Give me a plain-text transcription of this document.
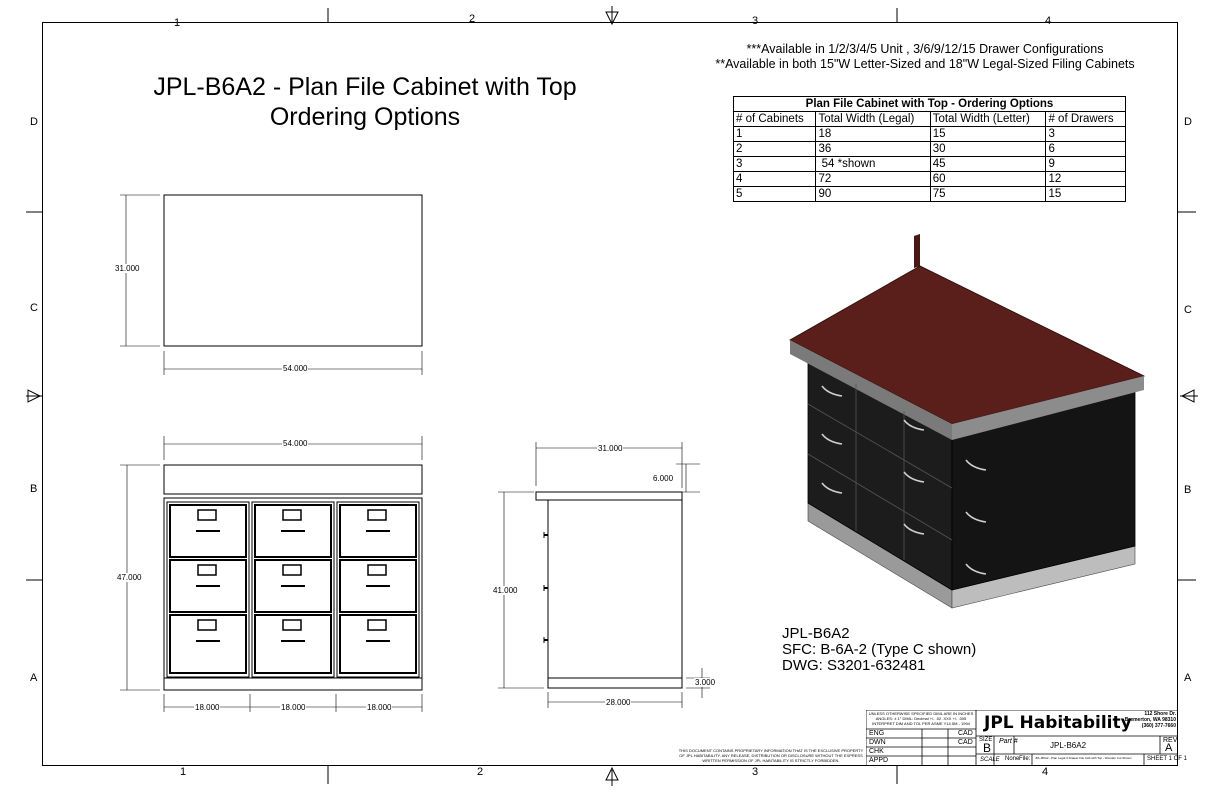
1	2	3	4
1	2	3	4
D
C
B
A
D
C
B
A
JPL-B6A2 - Plan File Cabinet with Top
Ordering Options
***Available in 1/2/3/4/5 Unit , 3/6/9/12/15 Drawer Configurations
**Available in both 15"W Letter-Sized and 18"W Legal-Sized Filing Cabinets
Plan File Cabinet with Top - Ordering Options			
# of Cabinets	Total Width (Legal)	Total Width (Letter)	# of Drawers
1	18	15	3
2	36	30	6
3	54 *shown	45	9
4	72	60	12
5	90	75	15
31.000
54.000
54.000
47.000
18.000	18.000	18.000
31.000
6.000
41.000
3.000
28.000
JPL-B6A2
SFC: B-6A-2 (Type C shown)
DWG: S3201-632481
THIS DOCUMENT CONTAINS PROPRIETARY INFORMATION THAT IS THE EXCLUSIVE PROPERTY
OF JPL HABITABILITY. ANY RELEASE, DISTRIBUTION OR DISCLOSURE WITHOUT THE EXPRESS
WRITTEN PERMISSION OF JPL HABITABILITY IS STRICTLY FORBIDDEN.
UNLESS OTHERWISE SPECIFIED DIML ARE IN INCHES
ANGLES: ± 1° DIML: Decimal +/- .02 .XXX +/- .005
INTERPRET DIM AND TOL PER ASME Y14.5M - 1994
ENG
DWN
CHK
APPD
CAD
CAD
JPL Habitability	112 Shore Dr.
Bremerton, WA 98310
(360) 377-7660
SIZE
B Part #	JPL-B6A2
REV
A
SCALE None File: JPL-B6A2 - Plan Legal 3 Drawer File Cab with Top - Wooden Cut Shown	SHEET 1 OF 1
